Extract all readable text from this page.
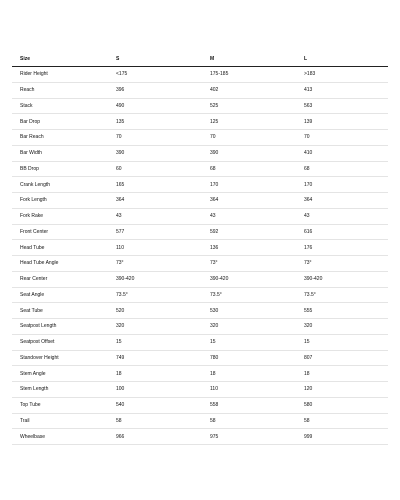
Size	S	M	L
Rider Height	<175	175-185	>183
Reach	396	402	413
Stack	490	525	563
Bar Drop	135	125	139
Bar Reach	70	70	70
Bar Width	390	390	410
BB Drop	60	68	68
Crank Length	165	170	170
Fork Length	364	364	364
Fork Rake	43	43	43
Front Center	577	592	616
Head Tube	110	136	176
Head Tube Angle	73°	73°	73°
Rear Center	390-420	390-420	390-420
Seat Angle	73.5°	73.5°	73.5°
Seat Tube	520	530	555
Seatpost Length	320	320	320
Seatpost Offset	15	15	15
Standover Height	749	780	807
Stem Angle	18	18	18
Stem Length	100	110	120
Top Tube	540	558	580
Trail	58	58	58
Wheelbase	966	975	999
